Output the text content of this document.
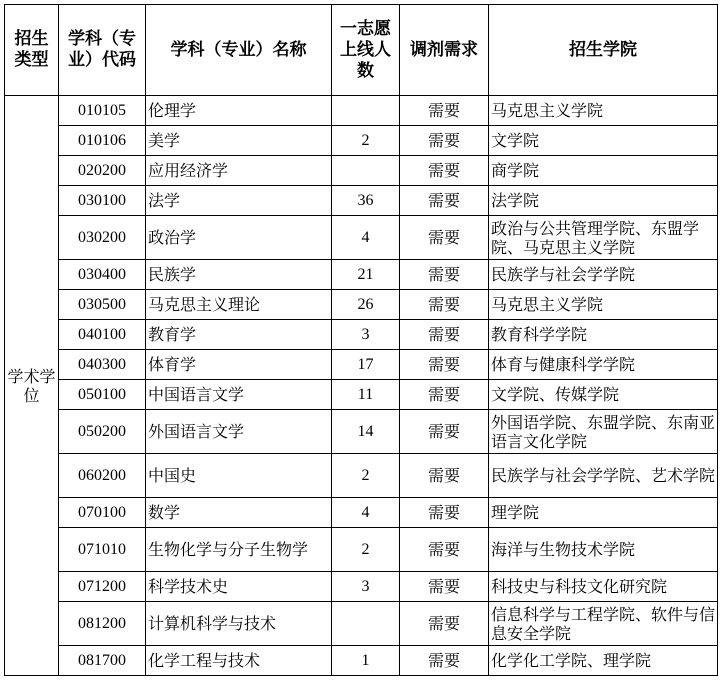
招生类型	学科（专业）代码	学科（专业）名称	一志愿上线人数	调剂需求	招生学院
学术学位	010105	伦理学		需要	马克思主义学院

	010106	美学	2	需要	文学院

	020200	应用经济学		需要	商学院

	030100	法学	36	需要	法学院

	030200	政治学	4	需要	政治与公共管理学院、东盟学院、马克思主义学院

	030400	民族学	21	需要	民族学与社会学学院

	030500	马克思主义理论	26	需要	马克思主义学院

	040100	教育学	3	需要	教育科学学院

	040300	体育学	17	需要	体育与健康科学学院

	050100	中国语言文学	11	需要	文学院、传媒学院

	050200	外国语言文学	14	需要	外国语学院、东盟学院、东南亚语言文化学院

	060200	中国史	2	需要	民族学与社会学学院、艺术学院

	070100	数学	4	需要	理学院

	071010	生物化学与分子生物学	2	需要	海洋与生物技术学院

	071200	科学技术史	3	需要	科技史与科技文化研究院

	081200	计算机科学与技术		需要	信息科学与工程学院、软件与信息安全学院

	081700	化学工程与技术	1	需要	化学化工学院、理学院
